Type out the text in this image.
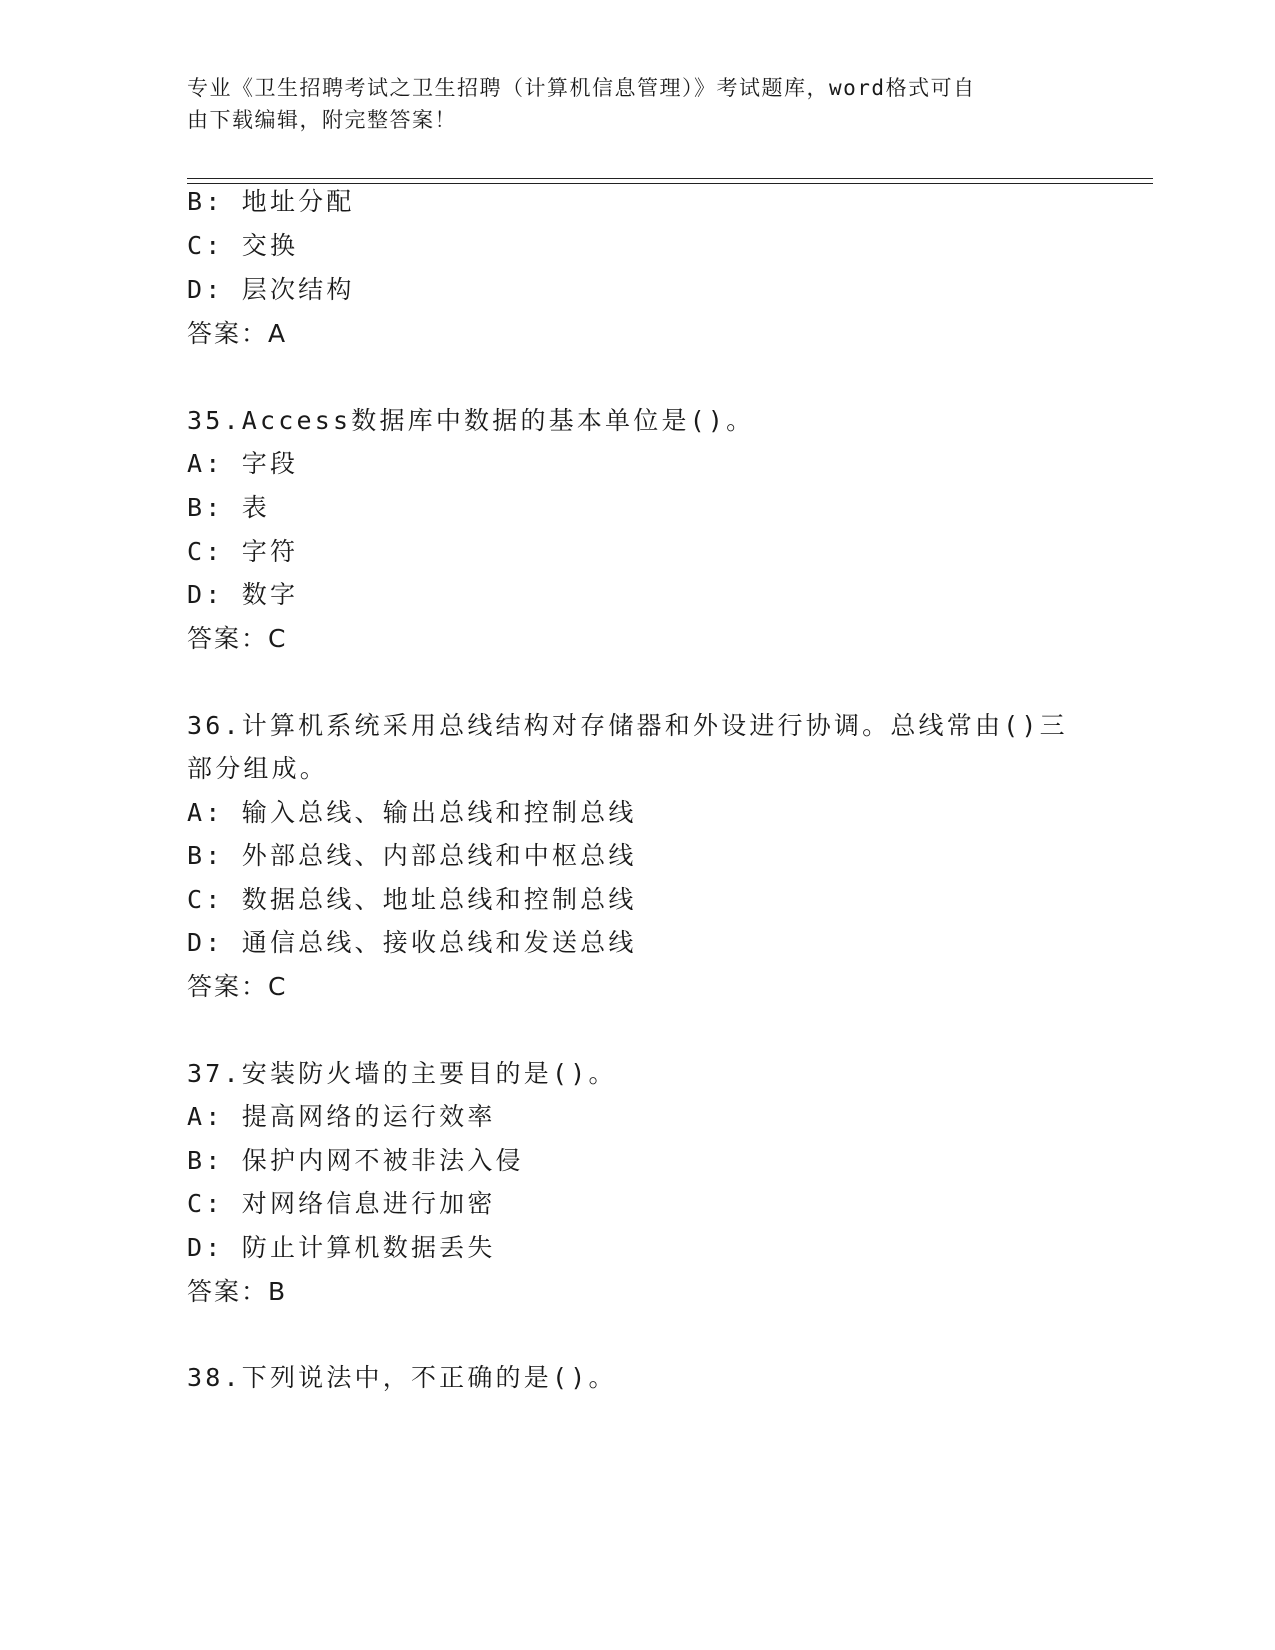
专业《卫生招聘考试之卫生招聘（计算机信息管理）》考试题库，word格式可自
由下载编辑，附完整答案！
B: 地址分配
C: 交换
D: 层次结构
答案：A
35.Access数据库中数据的基本单位是()。
A: 字段
B: 表
C: 字符
D: 数字
答案：C
36.计算机系统采用总线结构对存储器和外设进行协调。总线常由()三
部分组成。
A: 输入总线、输出总线和控制总线
B: 外部总线、内部总线和中枢总线
C: 数据总线、地址总线和控制总线
D: 通信总线、接收总线和发送总线
答案：C
37.安装防火墙的主要目的是()。
A: 提高网络的运行效率
B: 保护内网不被非法入侵
C: 对网络信息进行加密
D: 防止计算机数据丢失
答案：B
38.下列说法中，不正确的是()。
